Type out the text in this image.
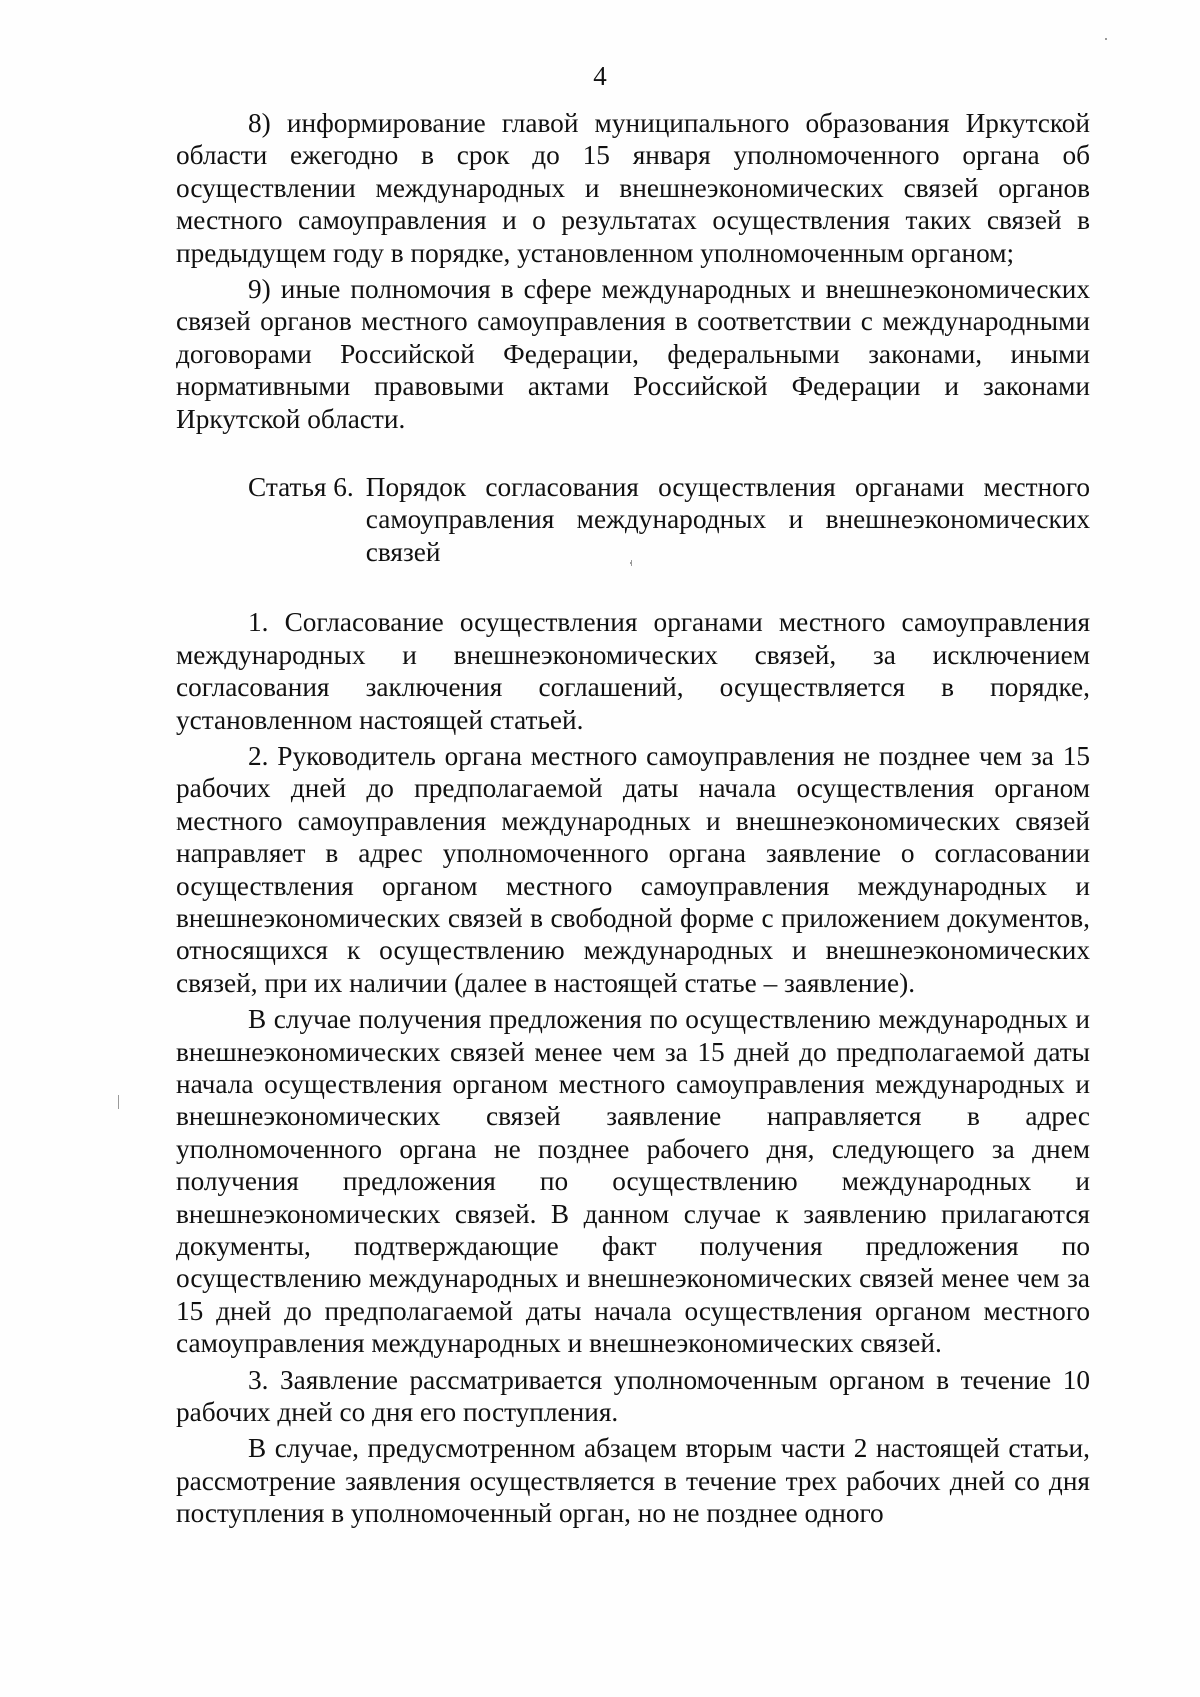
4

8) информирование главой муниципального образования Иркутской области ежегодно в срок до 15 января уполномоченного органа об осуществлении международных и внешнеэкономических связей органов местного самоуправления и о результатах осуществления таких связей в предыдущем году в порядке, установленном уполномоченным органом;

9) иные полномочия в сфере международных и внешнеэкономических связей органов местного самоуправления в соответствии с международными договорами Российской Федерации, федеральными законами, иными нормативными правовыми актами Российской Федерации и законами Иркутской области.

Статья 6. Порядок согласования осуществления органами местного самоуправления международных и внешнеэкономических связей

1. Согласование осуществления органами местного самоуправления международных и внешнеэкономических связей, за исключением согласования заключения соглашений, осуществляется в порядке, установленном настоящей статьей.

2. Руководитель органа местного самоуправления не позднее чем за 15 рабочих дней до предполагаемой даты начала осуществления органом местного самоуправления международных и внешнеэкономических связей направляет в адрес уполномоченного органа заявление о согласовании осуществления органом местного самоуправления международных и внешнеэкономических связей в свободной форме с приложением документов, относящихся к осуществлению международных и внешнеэкономических связей, при их наличии (далее в настоящей статье – заявление).

В случае получения предложения по осуществлению международных и внешнеэкономических связей менее чем за 15 дней до предполагаемой даты начала осуществления органом местного самоуправления международных и внешнеэкономических связей заявление направляется в адрес уполномоченного органа не позднее рабочего дня, следующего за днем получения предложения по осуществлению международных и внешнеэкономических связей. В данном случае к заявлению прилагаются документы, подтверждающие факт получения предложения по осуществлению международных и внешнеэкономических связей менее чем за 15 дней до предполагаемой даты начала осуществления органом местного самоуправления международных и внешнеэкономических связей.

3. Заявление рассматривается уполномоченным органом в течение 10 рабочих дней со дня его поступления.

В случае, предусмотренном абзацем вторым части 2 настоящей статьи, рассмотрение заявления осуществляется в течение трех рабочих дней со дня поступления в уполномоченный орган, но не позднее одного
